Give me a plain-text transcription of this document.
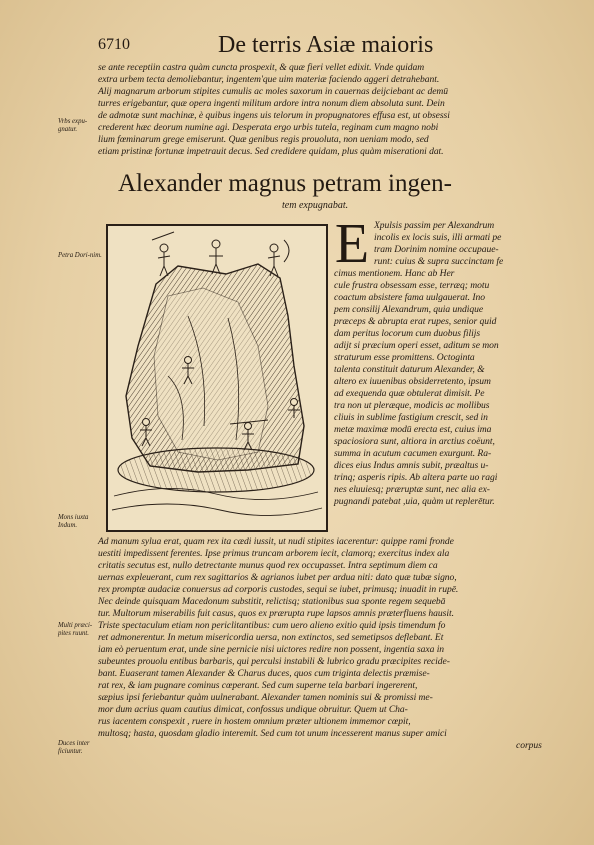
6710	De terris Asiæ maioris
se ante receptiin castra quàm cuncta prospexit, & quæ fieri vellet edixit. Vnde quidam
extra urbem tecta demoliebantur, ingentem'que uim materiæ faciendo aggeri detrahebant.
Alij magnarum arborum stipites cumulis ac moles saxorum in cauernas deijciebant ac demū
turres erigebantur, quæ opera ingenti militum ardore intra nonum diem absoluta sunt. Dein
de admotæ sunt machinæ, è quibus ingens uis telorum in propugnatores effusa est, ut obsessi
crederent hæc deorum numine agi. Desperata ergo urbis tutela, reginam cum magno nobi
lium fœminarum grege emiserunt. Quæ genibus regis prouoluta, non ueniam modo, sed
etiam pristinæ fortunæ impetrauit decus. Sed credidere quidam, plus quàm miserationi dat.
Vrbs expu-gnatur.
Petra Dori-nim.
Mons iuxta Indum.
Multi præci-pites ruunt.
Duces inter ficiuntur.
Alexander magnus petram ingen-
tem expugnabat.
E Xpulsis passim per Alexandrum
incolis ex locis suis, illi armati pe
tram Dorinim nomine occupaue-
runt: cuius & supra succinctam fe
cimus mentionem. Hanc ab Her
cule frustra obsessam esse, terræq; motu
coactum absistere fama uulgauerat. Ino
pem consilij Alexandrum, quia undique
præceps & abrupta erat rupes, senior quid
dam peritus locorum cum duobus filijs
adijt si præcium operi esset, aditum se mon
straturum esse promittens. Octoginta
talenta constituit daturum Alexander, &
altero ex iuuenibus obsiderretento, ipsum
ad exequenda quæ obtulerat dimisit. Pe
tra non ut pleræque, modicis ac mollibus
cliuis in sublime fastigium crescit, sed in
metæ maximæ modū erecta est, cuius ima
spaciosiora sunt, altiora in arctius coëunt,
summa in acutum cacumen exurgunt. Ra-
dices eius Indus amnis subit, præaltus u-
trinq; asperis ripis. Ab altera parte uo ragi
nes eluuiesq; præruptæ sunt, nec alia ex-
pugnandi patebat ,uia, quàm ut replerētur.
Ad manum sylua erat, quam rex ita cædi iussit, ut nudi stipites iacerentur: quippe rami fronde
uestiti impedissent ferentes. Ipse primus truncam arborem iecit, clamorq; exercitus index ala
critatis secutus est, nullo detrectante munus quod rex occupasset. Intra septimum diem ca
uernas expleuerant, cum rex sagittarios & agrianos iubet per ardua niti: dato quæ tubæ signo,
rex promptæ audaciæ conuersus ad corporis custodes, sequi se iubet, primusq; inuadit in rupē.
Nec deinde quisquam Macedonum substitit, relictisq; stationibus sua sponte regem sequebā
tur. Multorum miserabilis fuit casus, quos ex prærupta rupe lapsos amnis præterfluens hausit.
Triste spectaculum etiam non periclitantibus: cum uero alieno exitio quid ipsis timendum fo
ret admonerentur. In metum misericordia uersa, non extinctos, sed semetipsos deflebant. Et
iam eò peruentum erat, unde sine pernicie nisi uictores redire non possent, ingentia saxa in
subeuntes prouolu entibus barbaris, qui perculsi instabili & lubrico gradu præcipites recide-
bant. Euaserant tamen Alexander & Charus duces, quos cum triginta delectis præmise-
rat rex, & iam pugnare cominus cœperant. Sed cum superne tela barbari ingererent,
sæpius ipsi feriebantur quàm uulnerabant. Alexander tamen nominis sui & promissi me-
mor dum acrius quam cautius dimicat, confossus undique obruitur. Quem ut Cha-
rus iacentem conspexit , ruere in hostem omnium præter ultionem immemor cœpit,
multosq; hasta, quosdam gladio interemit. Sed cum tot unum incesserent manus super amici
corpus
